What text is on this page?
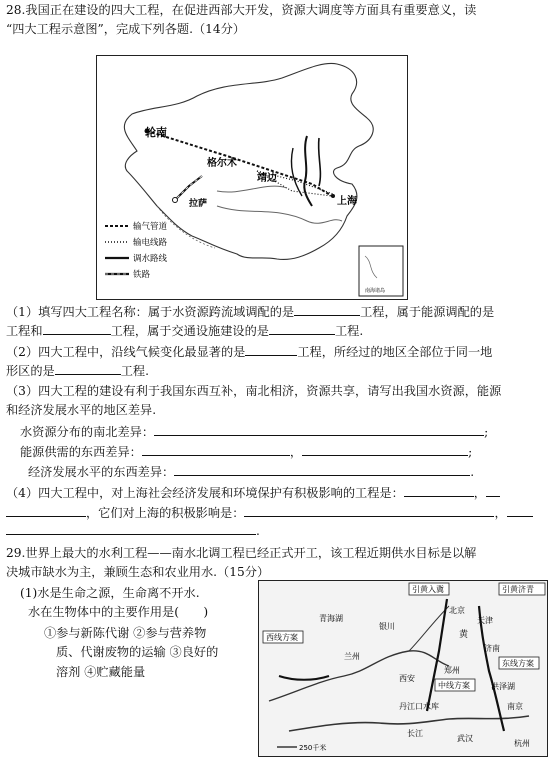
28.我国正在建设的四大工程，在促进西部大开发，资源大调度等方面具有重要意义，读
“四大工程示意图”，完成下列各题.（14分）
轮南
格尔木
靖边
拉萨	上海
输气管道
输电线路
调水路线
铁路
南海诸岛
（1）填写四大工程名称：属于水资源跨流域调配的是	工程，属于能源调配的是
工程和	工程，属于交通设施建设的是	工程.
（2）四大工程中，沿线气候变化最显著的是	工程，所经过的地区全部位于同一地
形区的是	工程.
（3）四大工程的建设有利于我国东西互补，南北相济，资源共享，请写出我国水资源，能源
和经济发展水平的地区差异.
水资源分布的南北差异：	;
能源供需的东西差异：	，	;
经济发展水平的东西差异：	.
（4）四大工程中，对上海社会经济发展和环境保护有积极影响的工程是：	，
，它们对上海的积极影响是：	，
.
29.世界上最大的水利工程——南水北调工程已经正式开工，该工程近期供水目标是以解
决城市缺水为主，兼顾生态和农业用水.（15分）
(1)水是生命之源，生命离不开水.
水在生物体中的主要作用是(　　)
①参与新陈代谢 ②参与营养物
质、代谢废物的运输 ③良好的
溶剂 ④贮藏能量
引黄入冀	引黄济青
西线方案
中线方案
东线方案
青海湖
兰州
银川
北京
天津
济南
郑州
西安
武汉
南京
杭州
洪泽湖
丹江口水库
长江
黄
250千米
